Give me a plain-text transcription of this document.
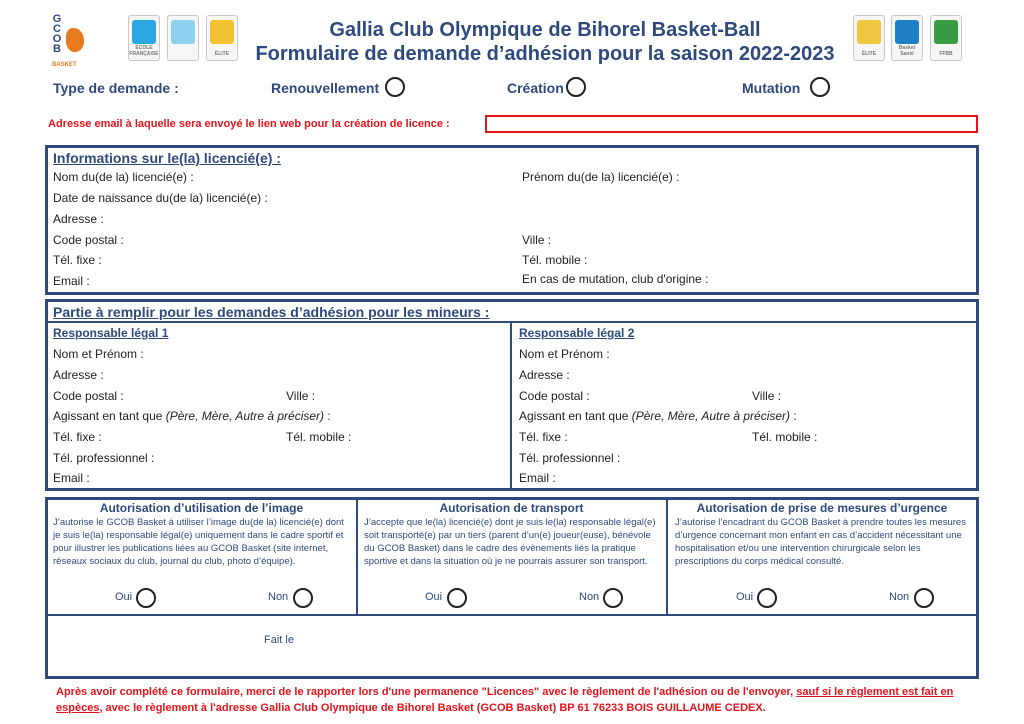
GCOB
BASKET
ÉCOLE FRANÇAISE	ÉLITE
Gallia Club Olympique de Bihorel Basket-Ball
Formulaire de demande d’adhésion pour la saison 2022-2023	ÉLITE
Basket Santé	FFBB
Type de demande :	Renouvellement	Création	Mutation
Adresse email à laquelle sera envoyé le lien web pour la création de licence :
Informations sur le(la) licencié(e) :
Nom du(de la) licencié(e) :
Date de naissance du(de la) licencié(e) :
Adresse :
Code postal :
Tél. fixe :
Email :
Prénom du(de la) licencié(e) :
Ville :
Tél. mobile :
En cas de mutation, club d'origine :
Partie à remplir pour les demandes d’adhésion pour les mineurs :
Responsable légal 1
Nom et Prénom :
Adresse :
Code postal :	Ville :
Agissant en tant que (Père, Mère, Autre à préciser) :
Tél. fixe :	Tél. mobile :
Tél. professionnel :
Email :
Responsable légal 2
Nom et Prénom :
Adresse :
Code postal :	Ville :
Agissant en tant que (Père, Mère, Autre à préciser) :
Tél. fixe :	Tél. mobile :
Tél. professionnel :
Email :
Autorisation d’utilisation de l’image
J’autorise le GCOB Basket à utiliser l’image du(de la) licencié(e) dont je suis le(la) responsable légal(e) uniquement dans le cadre sportif et pour illustrer les publications liées au GCOB Basket (site internet, réseaux sociaux du club, journal du club, photo d’équipe).
Oui	Non
Autorisation de transport
J’accepte que le(la) licencié(e) dont je suis le(la) responsable légal(e) soit transporté(e) par un tiers (parent d’un(e) joueur(euse), bénévole du GCOB Basket) dans le cadre des évènements liés la pratique sportive et dans la situation où je ne pourrais assurer son transport.
Oui	Non
Autorisation de prise de mesures d’urgence
J’autorise l’encadrant du GCOB Basket à prendre toutes les mesures d’urgence concernant mon enfant en cas d’accident nécessitant une hospitalisation et/ou une intervention chirurgicale selon les prescriptions du corps médical consulté.
Oui	Non
Fait le
Après avoir complété ce formulaire, merci de le rapporter lors d'une permanence "Licences" avec le règlement de l'adhésion ou de l'envoyer, sauf si le règlement est fait en espèces, avec le règlement à l'adresse Gallia Club Olympique de Bihorel Basket (GCOB Basket) BP 61 76233 BOIS GUILLAUME CEDEX.
